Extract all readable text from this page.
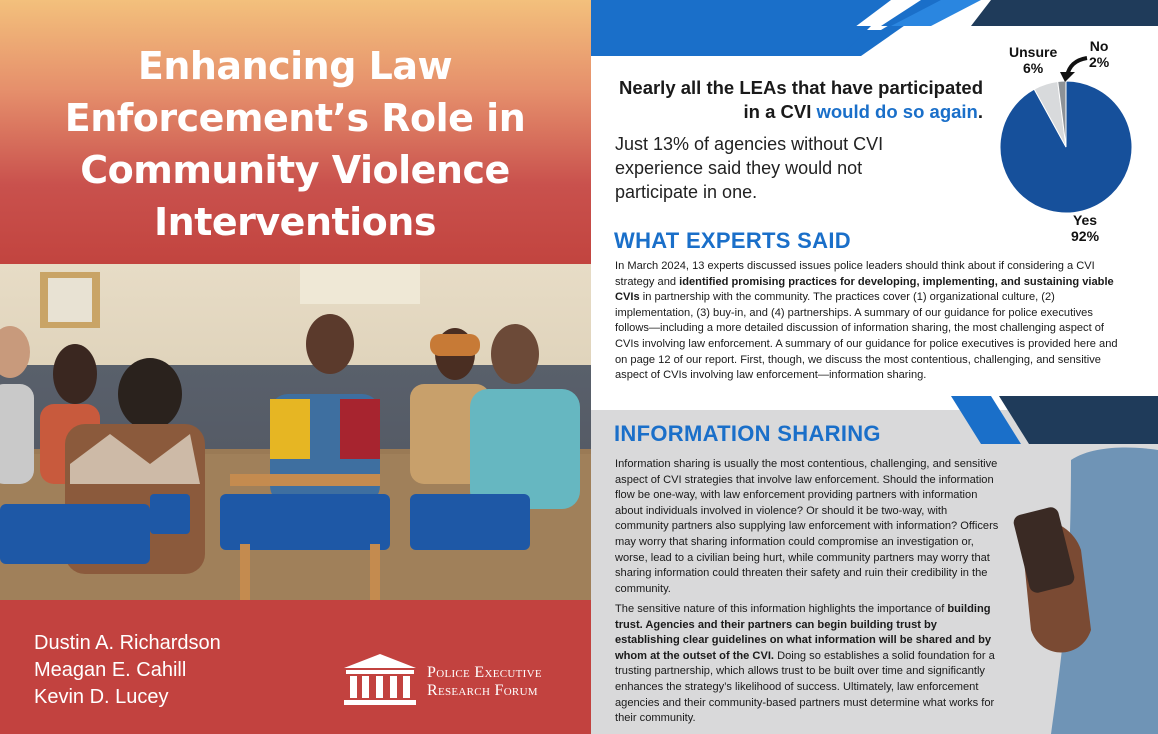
Enhancing Law Enforcement’s Role in Community Violence Interventions
Dustin A. Richardson
Meagan E. Cahill
Kevin D. Lucey
Police Executive
Research Forum
Nearly all the LEAs that have participated in a CVI would do so again.
Just 13% of agencies without CVI experience said they would not participate in one.
Unsure
6%
No
2%
Yes
92%
WHAT EXPERTS SAID
In March 2024, 13 experts discussed issues police leaders should think about if considering a CVI strategy and identified promising practices for developing, implementing, and sustaining viable CVIs in partnership with the community. The practices cover (1) organizational culture, (2) implementation, (3) buy-in, and (4) partnerships. A summary of our guidance for police executives follows—including a more detailed discussion of information sharing, the most challenging aspect of CVIs involving law enforcement. A summary of our guidance for police executives is provided here and on page 12 of our report. First, though, we discuss the most contentious, challenging, and sensitive aspect of CVIs involving law enforcement—information sharing.
INFORMATION SHARING
Information sharing is usually the most contentious, challenging, and sensitive aspect of CVI strategies that involve law enforcement. Should the information flow be one-way, with law enforcement providing partners with information about individuals involved in violence? Or should it be two-way, with community partners also supplying law enforcement with information? Officers may worry that sharing information could compromise an investigation or, worse, lead to a civilian being hurt, while community partners may worry that sharing information could threaten their safety and ruin their credibility in the community.
The sensitive nature of this information highlights the importance of building trust. Agencies and their partners can begin building trust by establishing clear guidelines on what information will be shared and by whom at the outset of the CVI. Doing so establishes a solid foundation for a trusting partnership, which allows trust to be built over time and significantly enhances the strategy’s likelihood of success. Ultimately, law enforcement agencies and their community-based partners must determine what works for their community.
